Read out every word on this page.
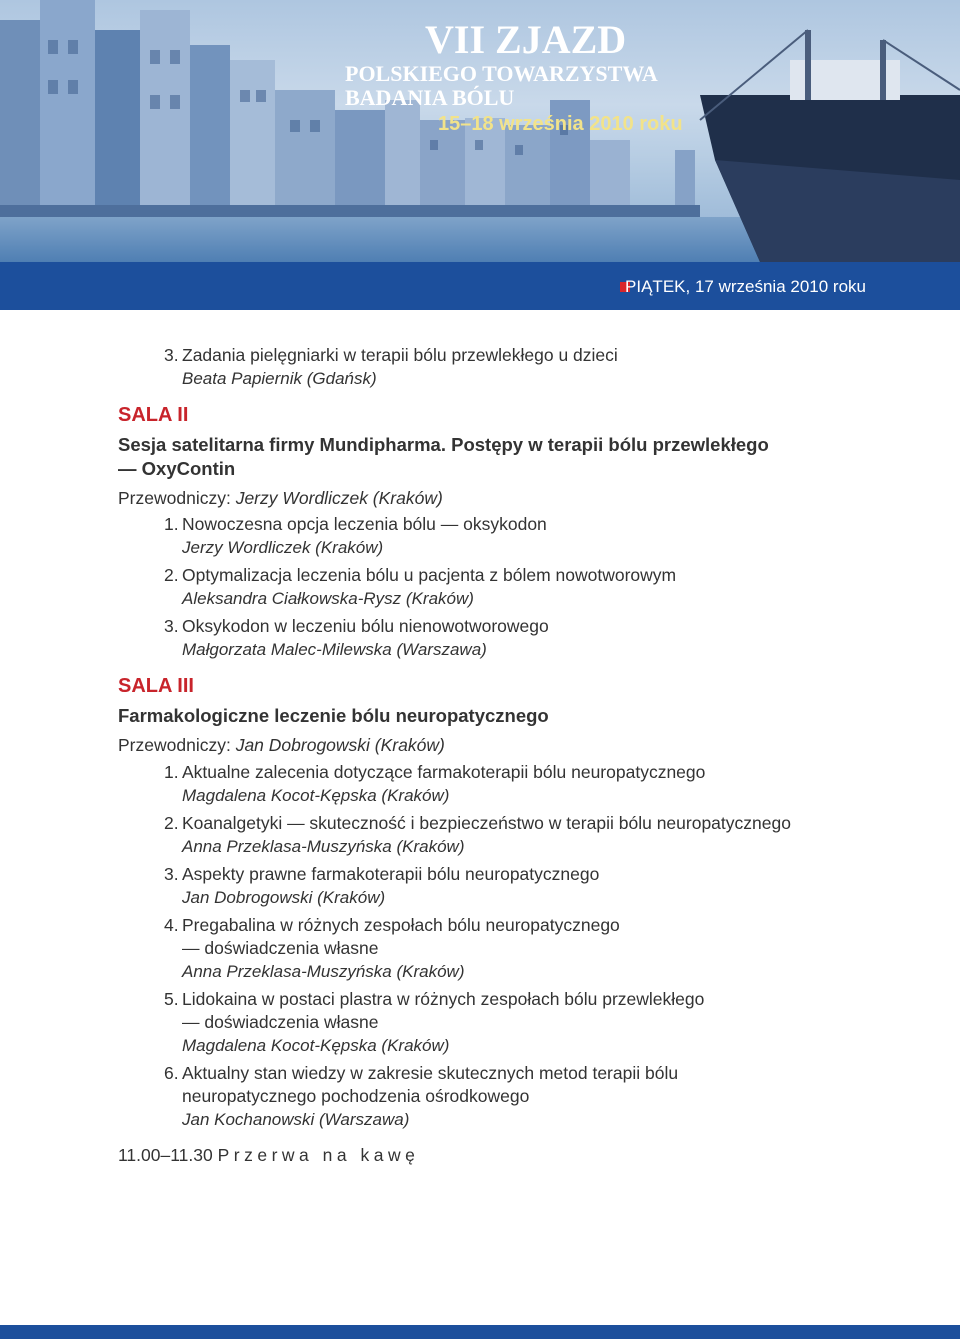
VII ZJAZD
POLSKIEGO TOWARZYSTWA BADANIA BÓLU
15–18 września 2010 roku
PIĄTEK, 17 września 2010 roku
3. Zadania pielęgniarki w terapii bólu przewlekłego u dzieci
Beata Papiernik (Gdańsk)
SALA II
Sesja satelitarna firmy Mundipharma. Postępy w terapii bólu przewlekłego
— OxyContin
Przewodniczy: Jerzy Wordliczek (Kraków)
1. Nowoczesna opcja leczenia bólu — oksykodon
Jerzy Wordliczek (Kraków)
2. Optymalizacja leczenia bólu u pacjenta z bólem nowotworowym
Aleksandra Ciałkowska-Rysz (Kraków)
3. Oksykodon w leczeniu bólu nienowotworowego
Małgorzata Malec-Milewska (Warszawa)
SALA III
Farmakologiczne leczenie bólu neuropatycznego
Przewodniczy: Jan Dobrogowski (Kraków)
1. Aktualne zalecenia dotyczące farmakoterapii bólu neuropatycznego
Magdalena Kocot-Kępska (Kraków)
2. Koanalgetyki — skuteczność i bezpieczeństwo w terapii bólu neuropatycznego
Anna Przeklasa-Muszyńska (Kraków)
3. Aspekty prawne farmakoterapii bólu neuropatycznego
Jan Dobrogowski (Kraków)
4. Pregabalina w różnych zespołach bólu neuropatycznego
— doświadczenia własne
Anna Przeklasa-Muszyńska (Kraków)
5. Lidokaina w postaci plastra w różnych zespołach bólu przewlekłego
— doświadczenia własne
Magdalena Kocot-Kępska (Kraków)
6. Aktualny stan wiedzy w zakresie skutecznych metod terapii bólu
neuropatycznego pochodzenia ośrodkowego
Jan Kochanowski (Warszawa)
11.00–11.30 Przerwa na kawę
